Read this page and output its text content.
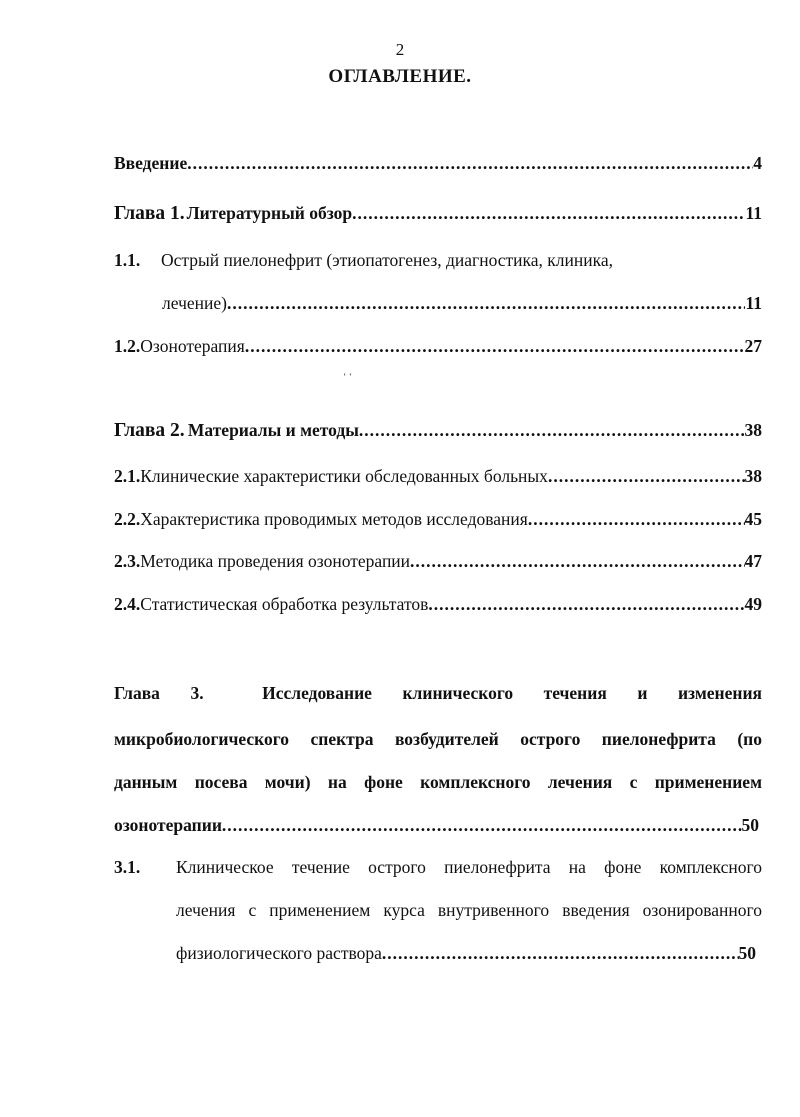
2
ОГЛАВЛЕНИЕ.
Введение .....	4
Глава 1. Литературный обзор .....	11
1.1.	Острый пиелонефрит (этиопатогенез, диагностика, клиника,
лечение) .....	11
1.2. Озонотерапия .....	27
‘ ‘
Глава 2. Материалы и методы .....	38
2.1. Клинические характеристики обследованных больных .....	38
2.2. Характеристика проводимых методов исследования .....	45
2.3. Методика проведения озонотерапии .....	47
2.4. Статистическая обработка результатов .....	49
Глава 3.	Исследование клинического течения и изменения
микробиологического спектра возбудителей острого пиелонефрита (по
данным посева мочи) на фоне комплексного лечения с применением
озонотерапии .....	50
3.1. Клиническое течение острого пиелонефрита на фоне комплексного
лечения с применением курса внутривенного введения озонированного
физиологического раствора .....	50
